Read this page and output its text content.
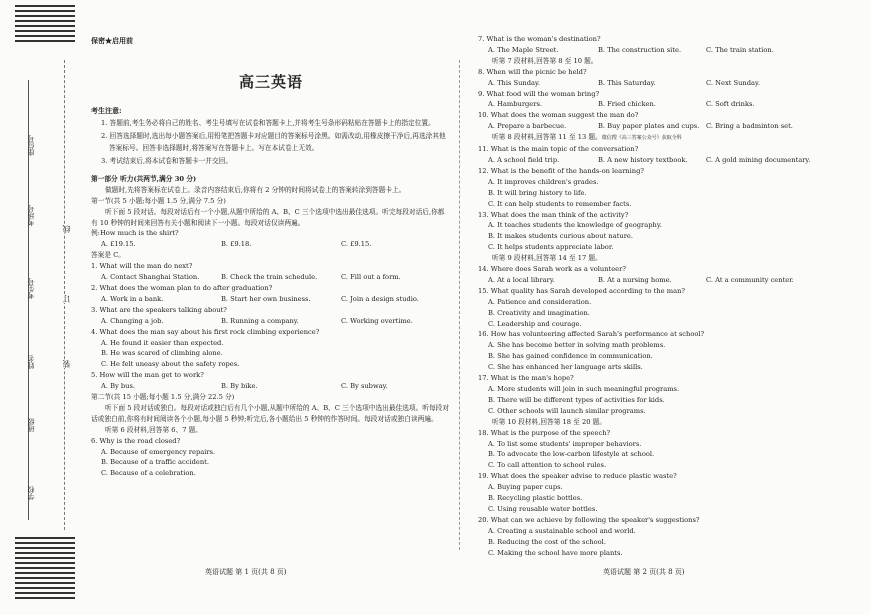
座位号
考场号
考生号
姓名
班级
学校
线
订
装
保密★启用前
高三英语
考生注意:
1. 答题前,考生务必将自己的姓名、考生号填写在试卷和答题卡上,并将考生号条形码粘贴在答题卡上的指定位置。
2. 回答选择题时,选出每小题答案后,用铅笔把答题卡对应题目的答案标号涂黑。如需改动,用橡皮擦干净后,再选涂其他答案标号。回答非选择题时,将答案写在答题卡上。写在本试卷上无效。
3. 考试结束后,将本试卷和答题卡一并交回。
第一部分 听力(共两节,满分 30 分)
做题时,先将答案标在试卷上。录音内容结束后,你将有 2 分钟的时间将试卷上的答案转涂到答题卡上。
第一节(共 5 小题;每小题 1.5 分,满分 7.5 分)
听下面 5 段对话。每段对话后有一个小题,从题中所给的 A、B、C 三个选项中选出最佳选项。听完每段对话后,你都有 10 秒钟的时间来回答有关小题和阅读下一小题。每段对话仅读两遍。
例:How much is the shirt?
A. £19.15.	B. £9.18.	C. £9.15.
答案是 C。
1. What will the man do next?
A. Contact Shanghai Station.	B. Check the train schedule.	C. Fill out a form.
2. What does the woman plan to do after graduation?
A. Work in a bank.	B. Start her own business.	C. Join a design studio.
3. What are the speakers talking about?
A. Changing a job.	B. Running a company.	C. Working overtime.
4. What does the man say about his first rock climbing experience?
A. He found it easier than expected.
B. He was scared of climbing alone.
C. He felt uneasy about the safety ropes.
5. How will the man get to work?
A. By bus.	B. By bike.	C. By subway.
第二节(共 15 小题;每小题 1.5 分,满分 22.5 分)
听下面 5 段对话或独白。每段对话或独白后有几个小题,从题中所给的 A、B、C 三个选项中选出最佳选项。听每段对话或独白前,你将有时间阅读各个小题,每小题 5 秒钟;听完后,各小题给出 5 秒钟的作答时间。每段对话或独白读两遍。
听第 6 段材料,回答第 6、7 题。
6. Why is the road closed?
A. Because of emergency repairs.
B. Because of a traffic accident.
C. Because of a celebration.
7. What is the woman's destination?
A. The Maple Street.	B. The construction site.	C. The train station.
听第 7 段材料,回答第 8 至 10 题。
8. When will the picnic be held?
A. This Sunday.	B. This Saturday.	C. Next Sunday.
9. What food will the woman bring?
A. Hamburgers.	B. Fried chicken.	C. Soft drinks.
10. What does the woman suggest the man do?
A. Prepare a barbecue.	B. Buy paper plates and cups. C. Bring a badminton set.
听第 8 段材料,回答第 11 至 13 题。微信搜《高三答案公众号》获取全科
11. What is the main topic of the conversation?
A. A school field trip.	B. A new history textbook.	C. A gold mining documentary.
12. What is the benefit of the hands-on learning?
A. It improves children's grades.
B. It will bring history to life.
C. It can help students to remember facts.
13. What does the man think of the activity?
A. It teaches students the knowledge of geography.
B. It makes students curious about nature.
C. It helps students appreciate labor.
听第 9 段材料,回答第 14 至 17 题。
14. Where does Sarah work as a volunteer?
A. At a local library.	B. At a nursing home.	C. At a community center.
15. What quality has Sarah developed according to the man?
A. Patience and consideration.
B. Creativity and imagination.
C. Leadership and courage.
16. How has volunteering affected Sarah's performance at school?
A. She has become better in solving math problems.
B. She has gained confidence in communication.
C. She has enhanced her language arts skills.
17. What is the man's hope?
A. More students will join in such meaningful programs.
B. There will be different types of activities for kids.
C. Other schools will launch similar programs.
听第 10 段材料,回答第 18 至 20 题。
18. What is the purpose of the speech?
A. To list some students' improper behaviors.
B. To advocate the low-carbon lifestyle at school.
C. To call attention to school rules.
19. What does the speaker advise to reduce plastic waste?
A. Buying paper cups.
B. Recycling plastic bottles.
C. Using reusable water bottles.
20. What can we achieve by following the speaker's suggestions?
A. Creating a sustainable school and world.
B. Reducing the cost of the school.
C. Making the school have more plants.
英语试题 第 1 页(共 8 页)	英语试题 第 2 页(共 8 页)
